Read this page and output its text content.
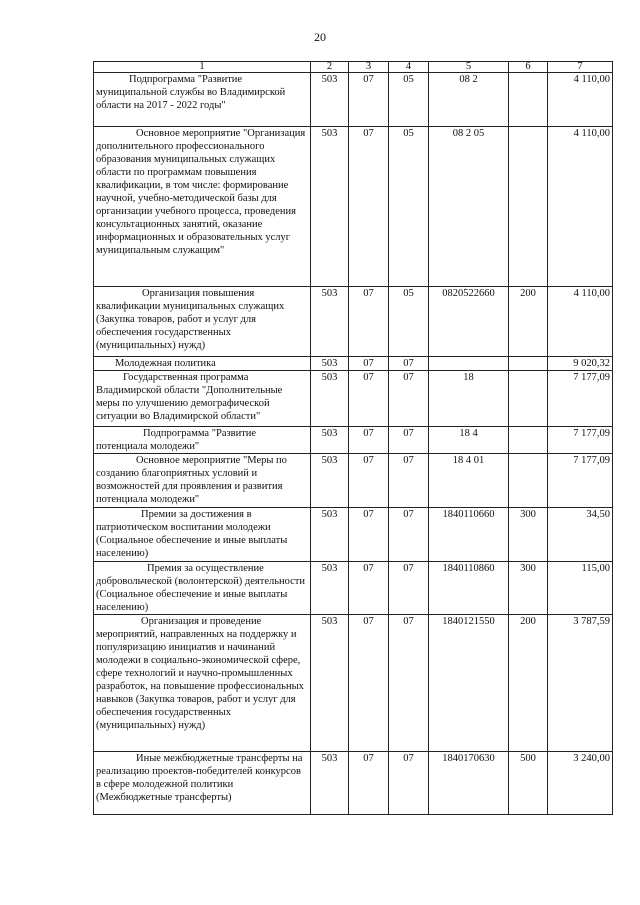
20
1	2	3	4	5	6	7

Подпрограмма "Развитие муниципальной службы во Владимирской области на 2017 - 2022 годы"	503	07	05	08 2		4 110,00

Основное мероприятие "Организация дополнительного профессионального образования муниципальных служащих области по программам повышения квалификации, в том числе: формирование научной, учебно-методической базы для организации учебного процесса, проведения консультационных занятий, оказание информационных и образовательных услуг муниципальным служащим"	503	07	05	08 2 05		4 110,00

Организация повышения квалификации муниципальных служащих (Закупка товаров, работ и услуг для обеспечения государственных (муниципальных) нужд)	503	07	05	0820522660	200	4 110,00

Молодежная политика	503	07	07			9 020,32

Государственная программа Владимирской области "Дополнительные меры по улучшению демографической ситуации во Владимирской области"	503	07	07	18		7 177,09

Подпрограмма "Развитие потенциала молодежи"	503	07	07	18 4		7 177,09

Основное мероприятие "Меры по созданию благоприятных условий и возможностей для проявления и развития потенциала молодежи"	503	07	07	18 4 01		7 177,09

Премии за достижения в патриотическом воспитании молодежи (Социальное обеспечение и иные выплаты населению)	503	07	07	1840110660	300	34,50

Премия за осуществление добровольческой (волонтерской) деятельности (Социальное обеспечение и иные выплаты населению)	503	07	07	1840110860	300	115,00

Организация и проведение мероприятий, направленных на поддержку и популяризацию инициатив и начинаний молодежи в социально-экономической сфере, сфере технологий и научно-промышленных разработок, на повышение профессиональных навыков (Закупка товаров, работ и услуг для обеспечения государственных (муниципальных) нужд)	503	07	07	1840121550	200	3 787,59

Иные межбюджетные трансферты на реализацию проектов-победителей конкурсов в сфере молодежной политики (Межбюджетные трансферты)	503	07	07	1840170630	500	3 240,00
